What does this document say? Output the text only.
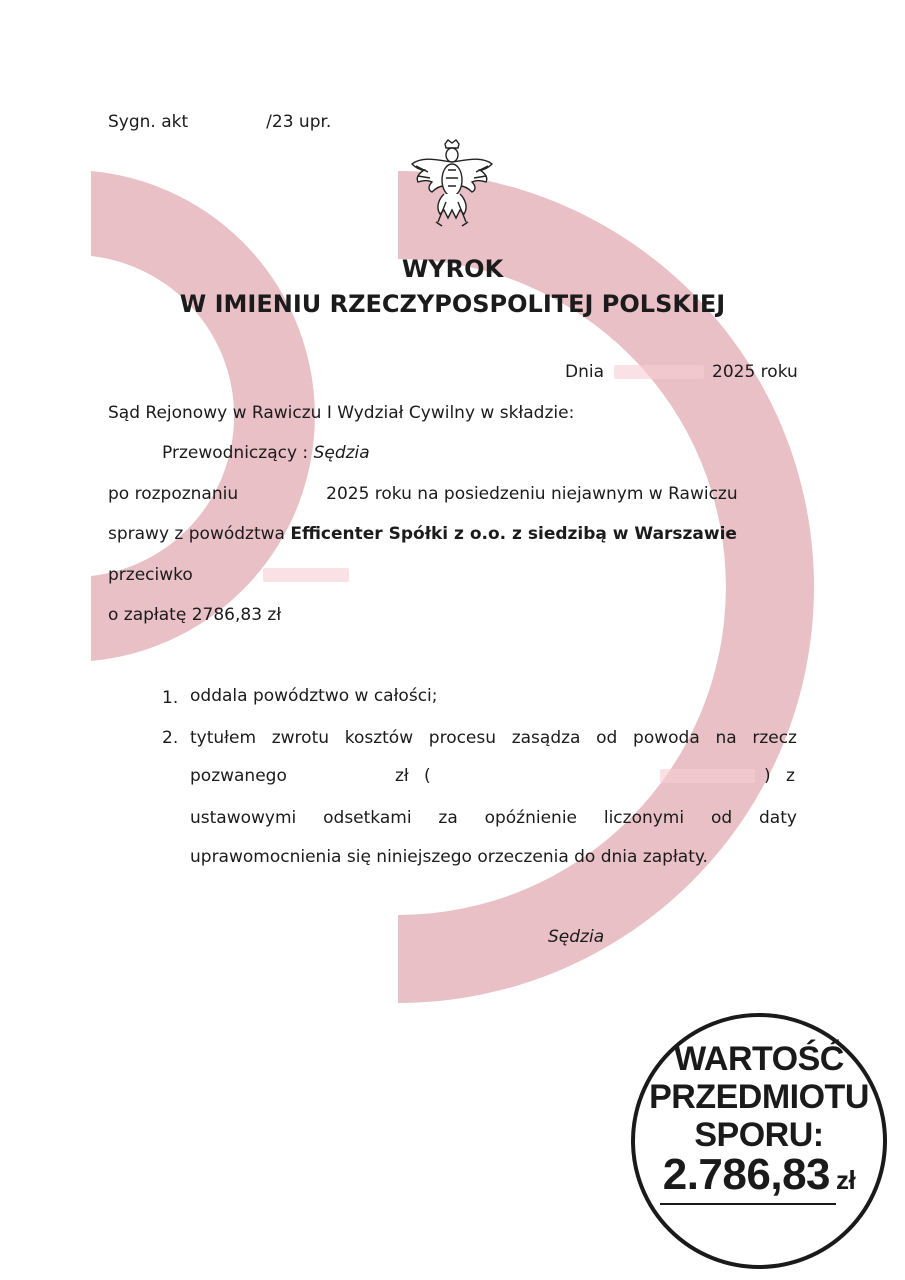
Sygn. akt	/23 upr.
WYROK
W IMIENIU RZECZYPOSPOLITEJ POLSKIEJ
Dnia	2025 roku
Sąd Rejonowy w Rawiczu I Wydział Cywilny w składzie:
Przewodniczący : Sędzia
po rozpoznaniu	2025 roku na posiedzeniu niejawnym w Rawiczu
sprawy z powództwa Efficenter Spółki z o.o. z siedzibą w Warszawie
przeciwko
o zapłatę 2786,83 zł
1. oddala powództwo w całości;
2. tytułem zwrotu kosztów procesu zasądza od powoda na rzecz
pozwanego	zł (	) z
ustawowymi odsetkami za opóźnienie liczonymi od daty
uprawomocnienia się niniejszego orzeczenia do dnia zapłaty.
Sędzia
WARTOŚĆ
PRZEDMIOTU
SPORU:
2.786,83 zł
